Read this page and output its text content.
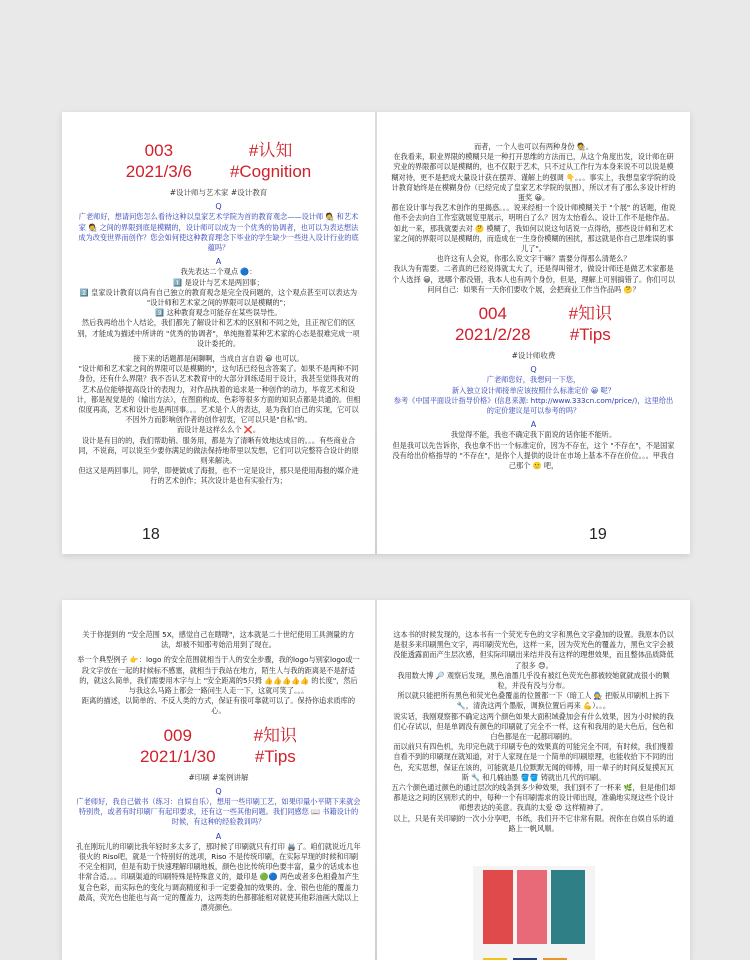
003
2021/3/6
#认知
#Cognition
#设计师与艺术家 #设计教育
Q

广老师好，想请问您怎么看待这种以皇家艺术学院为首的教育观念——设计师 🧑‍🎨 和艺术家 🧑‍🎨 之间的界限到底是模糊的，设计师可以成为一个优秀的协调者，也可以为表达想法成为改变世界而创作？您会如何使这种教育理念下毕业的学生缺少一些进入设计行业的底蕴吗？

A

我先表达二个观点 🔵：

1️⃣ 是设计与艺术是两回事；

2️⃣ 皇家设计教育以尚有自己独立的教育观念是完全没问题的，这个观点甚至可以表达为 "设计师和艺术家之间的界限可以是模糊的"；

3️⃣ 这种教育观念可能存在某些误导性。

然后我再给出个人结论，我们都先了解设计和艺术的区别和不同之处，且正视它们的区别，才能成为描述中所讲的 "优秀的协调者"，单纯拖着某种艺术家的心态是很难完成一项设计委托的。

接下来的话题都是闲聊啊，当成自言自语 😀 也可以。

"设计师和艺术家之间的界限可以是模糊的"，这句话已经包含答案了。如果不是两种不同身份，还有什么界限？我不否认艺术教育中的大部分训练适用于设计，我甚至觉得我对的艺术品位能够提高设计的表现力，对作品执着的追求是一种创作的动力，毕竟艺术和设计，都是视觉是的（输出方法），在图面构成、色彩等很多方面的知识点都是共通的。但相似度再高，艺术和设计也是两回事。。。艺术是个人的表达，是为我们自己的实现，它可以不因外力而影响创作者的创作初衷，它可以只是"自私"的。

而设计是这样么么个 ❌。

设计是有目的的，我们帮助销、服务用，都是为了清晰有效地达成目的。。。有些商业合同，不说商，可以说至少要你满足的做法保持地带里以发想，它们可以完整符合设计的原则来解决。

但这又是两回事儿，同学，即便做成了海报，也不一定是设计，那只是使用海报的媒介进行的艺术创作；其次设计是也有实验行为；

18

而者，一个人也可以有两种身份 🧑‍🎨。

在我看来，职业界限的模糊只是一种打开思维的方法而已，从这个角度出发，设计师在研究业的界限都可以是模糊的，也不仅限于艺术，只不过从工作行为本身来说不可以说是模糊对待，更不是把成大量设计获在摆弄、谨解上的强调 👇。。。事实上，我想皇家学院的设计教育始终是在模糊身份（已经完成了皇家艺术学院的氛围），所以才有了那么多设计杆的蛋奖 😀。

都在设计事与我艺术创作的里揭惑。。。说来经相一个设计师模糊关于 "个展" 的话题，他说他不会去向自工作室就展览里展示，明明白了么？因为太怡看么。设计工作不是他作品。

如此一来，那我就要去对 🤔 模糊了，我如何以说这句话说一点得给，那些设计师和艺术家之间的界限可以是模糊的，而造成在一生身份模糊的困扰，那这就是你自己思维误的事儿了"。

也许这有人会说，你那么说文字干嘛？需要分得那么清楚么？

我认为有需要。二者真的已经说得就太大了，还是得叫错才，做设计师还是做艺术家都是个人选择 😀，选哪个都没错，我本人也有两个身份，但是，理解上可别搞错了。你们可以问问自己：如果有一天你们要收个展，会把商业工作当作品吗 🤔？

004
2021/2/28
#知识
#Tips
#设计师收费
Q

广老师您好，我想问一下您，

新入独立设计师接单应该按照什么标准定价 😀 呢？

参考《中国平面设计指导价格》(信息来源: http://www.333cn.com/price/)，这里给出的定价建议是可以参考的吗？

A

我觉得不能，我也不确定我下面说的话你能不能听。

但是我可以先告诉你，我也拿不出一个标准定价，因为不存在，这个 "不存在"，不是国家没有给出价格指导的 "不存在"，是你个人提供的设计在市场上基本不存在价位。。。甲我自己那个 🙂 吧，

19

关于你提到的 "安全范围 5X，感觉自己在瞎瞎"，这本就是二十世纪使用工具测量的方法，却被不知那考始沿用到了现在。

举一个典型例子 👉：logo 的安全范围就相当于人的安全步骤，我的logo与别家logo或一段文字放在一起的时候标不感塞，就相当于我站在地方，陌生人与我的距离是不是舒适的，就这么简单，我们需要用木字与上 "安全距离的5只拇 👍👍👍👍👍 的长度"，然后与我这么马路上都会一路问生人走一下，这就可笑了。。。

距离的描述，以简单的、不反人类的方式，保证有很可靠就可以了。保持你追求质库的心。

009
2021/1/30
#知识
#Tips
#印刷 #案例讲解
Q

广老师好，我自己做书（练习：自娱自乐），想用一些印刷工艺，如果印量小平期下来就会特别贵，或者有时印刷厂有起印要求，还有这一些其他问题。我们同感您 📖 书籍设计的时候，有这种的经验教训吗？

A

孔在刚玩儿的印刷比我年轻时多太多了，那时候了印刷就只有打印 🖨️了。咱们就说近几年很火的 Riso吧，就是一个特别好的选项，Riso 不是传统印刷，在实际早现的时候和印刷不完全相同，但是有助于快速理解印刷地板，颜色也比传统印色要丰富，量少的话成本也非常合适。。。印刷渠道的印刷特殊是特殊意义的，最印是 🟢🔵 两色或者多色相叠加产生复合色彩，而实际色的变化与调高精度和手一定要叠加的效果的。金、银色也能的覆盖力最高，荧光色也能也与高一定的覆盖力，这两类的色都都能相对就使其他彩油画大陆以上漂亮颜色。

这本书的时候发现的，这本书有一个荧光专色的文字和黑色文字叠加的设置。我原本仍以是很多来印刷黑色文字，再印刷荧光色，这样一来，因为荧光色的覆盖力，黑色文字会被没能透露面而产生层次感，但实际印刷出来结并没有这样的理想效果，而且整体品质降低了很多 😞。

我用数大博 🔎 观察后发现，黑色油墨几乎没有被红色荧光色都被较她就就成很小的颗粒，并没有没与分布。

所以就只能把所有黑色和荧光色叠覆盖的位置都一下（暗工人 🧑‍🔧 把版从印刷机上拆下 🔧，清洗这两个墨版，调换位置后再来 💪）。。。

说实话，我刚观察都不确定这两个颜色如果大面积域叠加会有什么效果，因为小时候的我们心存试以，但是单调没有颜色的印刷就了完全不一样，这有和我用的是大色后，包色和白色都是在一起都印刷的。

而以前只有四色机，先印完色就于印刷专色的效果真的可能完全不同，有时候，我们慢着自看不到的印刷现在就知道，对于人家现在是一个简单的印刷原理，也能收拾下不同的出色，充实思想，保证在该的，可能就是几位默默无闻的师傅，用一辈子的时间反复摸瓦瓦斯 🔧 和几桶油墨 🪣🪣 铸就出几代的印刷。

五六个颜色通过颜色的通过层次的线条到多少种效果，我们到不了一杯来 🌿，但是他们却都是这之间的区别形式的中，每种一个有印刷需求的设计师出现，准确地实现这些个设计师想表达的美意。我真的太爱 😍 这样精神了。

以上，只是有关印刷的一次小分享吧，书纸，我们开不它非常有限。祝你在自娱自乐的道路上一帆风顺。
